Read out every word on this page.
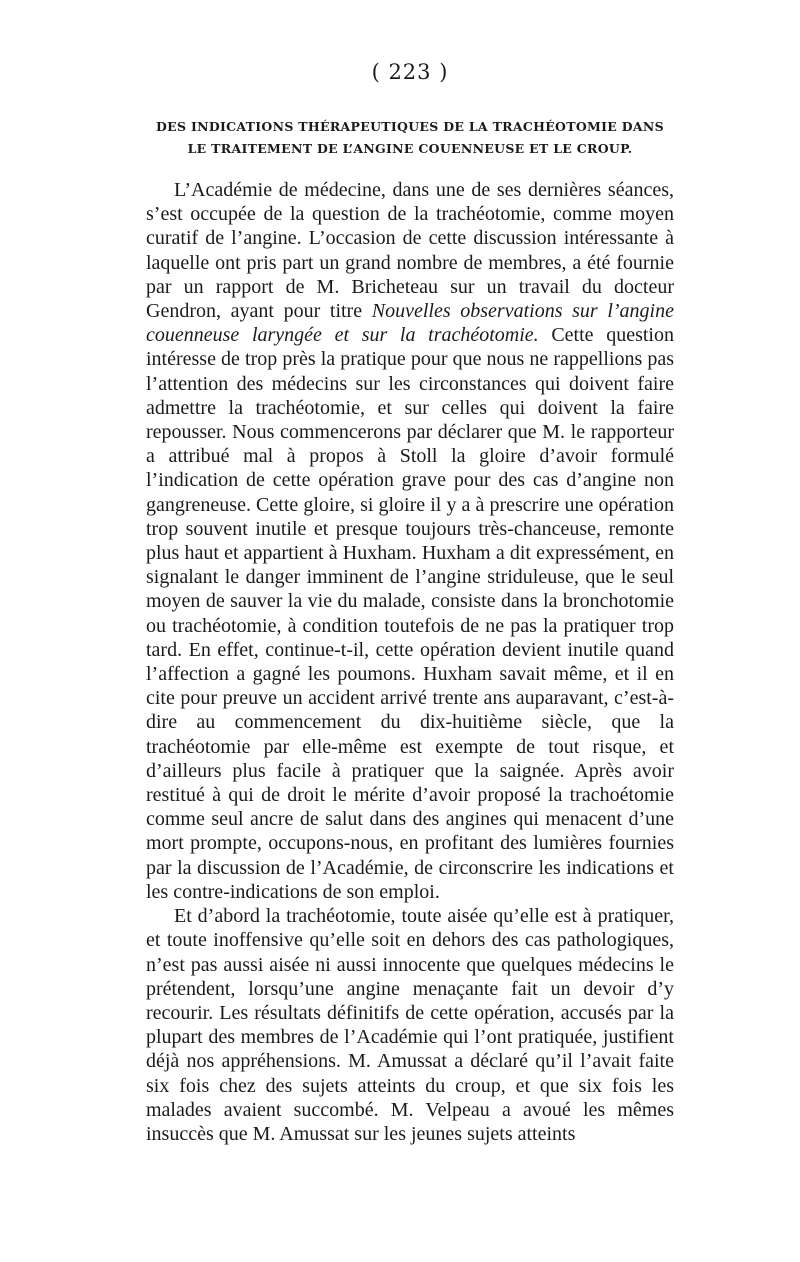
( 223 )
DES INDICATIONS THÉRAPEUTIQUES DE LA TRACHÉOTOMIE DANS
LE TRAITEMENT DE L’ANGINE COUENNEUSE ET LE CROUP.

L’Académie de médecine, dans une de ses dernières séances, s’est occupée de la question de la trachéotomie, comme moyen curatif de l’angine. L’occasion de cette discussion intéressante à laquelle ont pris part un grand nombre de membres, a été fournie par un rapport de M. Bricheteau sur un travail du docteur Gendron, ayant pour titre Nouvelles observations sur l’angine couenneuse laryngée et sur la trachéotomie. Cette question intéresse de trop près la pratique pour que nous ne rappellions pas l’attention des médecins sur les circonstances qui doivent faire admettre la trachéotomie, et sur celles qui doivent la faire repousser. Nous commencerons par déclarer que M. le rapporteur a attribué mal à propos à Stoll la gloire d’avoir formulé l’indication de cette opération grave pour des cas d’angine non gangreneuse. Cette gloire, si gloire il y a à prescrire une opération trop souvent inutile et presque toujours très-chanceuse, remonte plus haut et appartient à Huxham. Huxham a dit expressément, en signalant le danger imminent de l’angine striduleuse, que le seul moyen de sauver la vie du malade, consiste dans la bronchotomie ou trachéotomie, à condition toutefois de ne pas la pratiquer trop tard. En effet, continue-t-il, cette opération devient inutile quand l’affection a gagné les poumons. Huxham savait même, et il en cite pour preuve un accident arrivé trente ans auparavant, c’est-à-dire au commencement du dix-huitième siècle, que la trachéotomie par elle-même est exempte de tout risque, et d’ailleurs plus facile à pratiquer que la saignée. Après avoir restitué à qui de droit le mérite d’avoir proposé la trachoétomie comme seul ancre de salut dans des angines qui menacent d’une mort prompte, occupons-nous, en profitant des lumières fournies par la discussion de l’Académie, de circonscrire les indications et les contre-indications de son emploi.

Et d’abord la trachéotomie, toute aisée qu’elle est à pratiquer, et toute inoffensive qu’elle soit en dehors des cas pathologiques, n’est pas aussi aisée ni aussi innocente que quelques médecins le prétendent, lorsqu’une angine menaçante fait un devoir d’y recourir. Les résultats définitifs de cette opération, accusés par la plupart des membres de l’Académie qui l’ont pratiquée, justifient déjà nos appréhensions. M. Amussat a déclaré qu’il l’avait faite six fois chez des sujets atteints du croup, et que six fois les malades avaient succombé. M. Velpeau a avoué les mêmes insuccès que M. Amussat sur les jeunes sujets atteints
